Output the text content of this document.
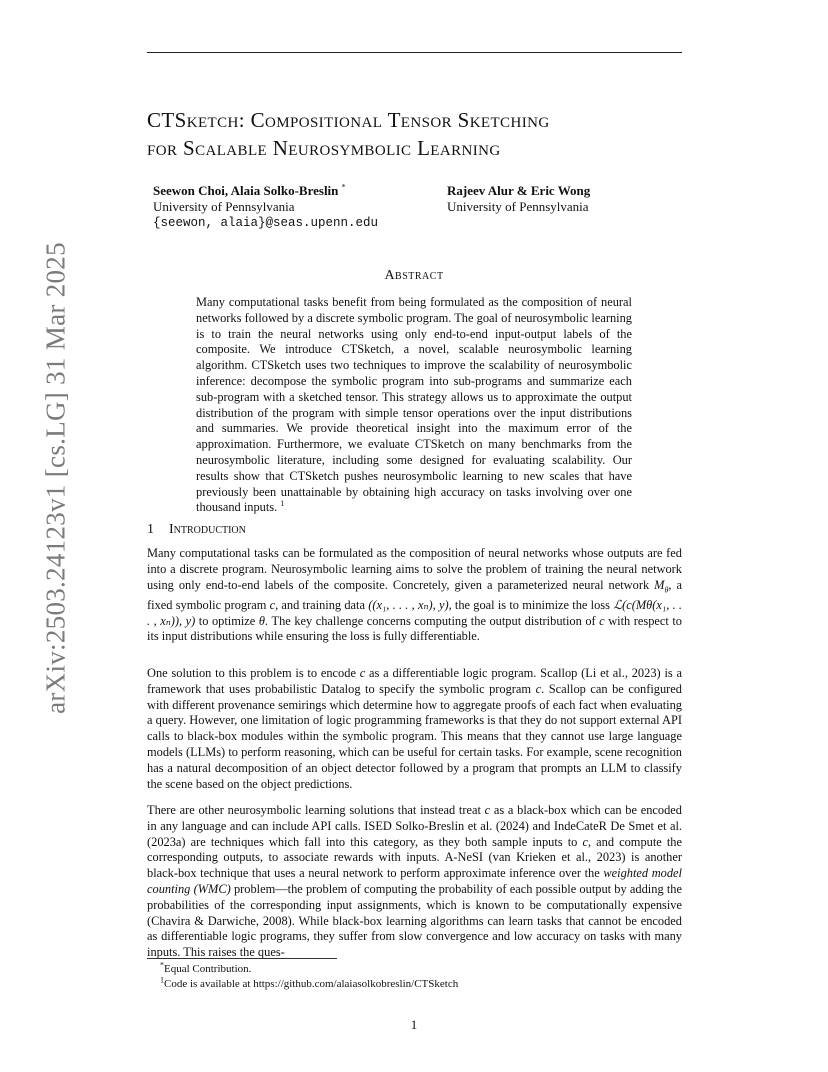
arXiv:2503.24123v1 [cs.LG] 31 Mar 2025
CTSketch: Compositional Tensor Sketching
for Scalable Neurosymbolic Learning
Seewon Choi, Alaia Solko-Breslin *
University of Pennsylvania
{seewon, alaia}@seas.upenn.edu
Rajeev Alur & Eric Wong
University of Pennsylvania
Abstract
Many computational tasks benefit from being formulated as the composition of neural networks followed by a discrete symbolic program. The goal of neurosymbolic learning is to train the neural networks using only end-to-end input-output labels of the composite. We introduce CTSketch, a novel, scalable neurosymbolic learning algorithm. CTSketch uses two techniques to improve the scalability of neurosymbolic inference: decompose the symbolic program into sub-programs and summarize each sub-program with a sketched tensor. This strategy allows us to approximate the output distribution of the program with simple tensor operations over the input distributions and summaries. We provide theoretical insight into the maximum error of the approximation. Furthermore, we evaluate CTSketch on many benchmarks from the neurosymbolic literature, including some designed for evaluating scalability. Our results show that CTSketch pushes neurosymbolic learning to new scales that have previously been unattainable by obtaining high accuracy on tasks involving over one thousand inputs. $^1$
1 Introduction
Many computational tasks can be formulated as the composition of neural networks whose outputs are fed into a discrete program. Neurosymbolic learning aims to solve the problem of training the neural network using only end-to-end labels of the composite. Concretely, given a parameterized neural network $M_\theta$, a fixed symbolic program c, and training data ((x₁, . . . , xₙ), y), the goal is to minimize the loss ℒ(c(Mθ(x₁, . . . , xₙ)), y) to optimize θ. The key challenge concerns computing the output distribution of c with respect to its input distributions while ensuring the loss is fully differentiable.
One solution to this problem is to encode c as a differentiable logic program. Scallop (Li et al., 2023) is a framework that uses probabilistic Datalog to specify the symbolic program c. Scallop can be configured with different provenance semirings which determine how to aggregate proofs of each fact when evaluating a query. However, one limitation of logic programming frameworks is that they do not support external API calls to black-box modules within the symbolic program. This means that they cannot use large language models (LLMs) to perform reasoning, which can be useful for certain tasks. For example, scene recognition has a natural decomposition of an object detector followed by a program that prompts an LLM to classify the scene based on the object predictions.
There are other neurosymbolic learning solutions that instead treat c as a black-box which can be encoded in any language and can include API calls. ISED Solko-Breslin et al. (2024) and IndeCateR De Smet et al. (2023a) are techniques which fall into this category, as they both sample inputs to c, and compute the corresponding outputs, to associate rewards with inputs. A-NeSI (van Krieken et al., 2023) is another black-box technique that uses a neural network to perform approximate inference over the weighted model counting (WMC) problem—the problem of computing the probability of each possible output by adding the probabilities of the corresponding input assignments, which is known to be computationally expensive (Chavira & Darwiche, 2008). While black-box learning algorithms can learn tasks that cannot be encoded as differentiable logic programs, they suffer from slow convergence and low accuracy on tasks with many inputs. This raises the ques-
*Equal Contribution.
$^1$Code is available at https://github.com/alaiasolkobreslin/CTSketch
1
